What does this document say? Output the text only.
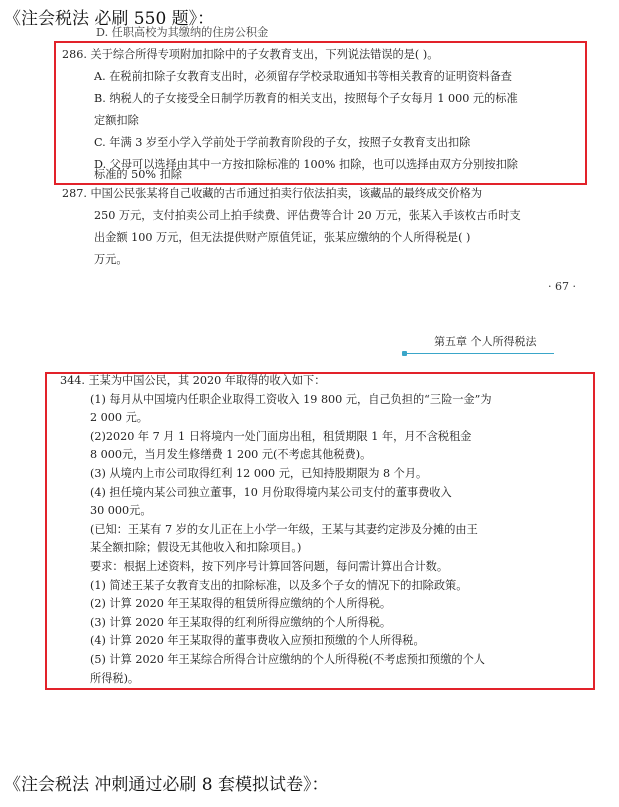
《注会税法 必刷 550 题》：
D. 任职高校为其缴纳的住房公积金
286. 关于综合所得专项附加扣除中的子女教育支出，下列说法错误的是( )。
A. 在税前扣除子女教育支出时，必须留存学校录取通知书等相关教育的证明资料备查
B. 纳税人的子女接受全日制学历教育的相关支出，按照每个子女每月 1 000 元的标准
定额扣除
C. 年满 3 岁至小学入学前处于学前教育阶段的子女，按照子女教育支出扣除
D. 父母可以选择由其中一方按扣除标准的 100% 扣除，也可以选择由双方分别按扣除
标准的 50% 扣除
287. 中国公民张某将自己收藏的古币通过拍卖行依法拍卖，该藏品的最终成交价格为
250 万元，支付拍卖公司上拍手续费、评估费等合计 20 万元，张某入手该枚古币时支
出金额 100 万元，但无法提供财产原值凭证，张某应缴纳的个人所得税是( )
万元。
· 67 ·
第五章 个人所得税法
344. 王某为中国公民，其 2020 年取得的收入如下：
(1) 每月从中国境内任职企业取得工资收入 19 800 元，自己负担的“三险一金”为
2 000 元。
(2)2020 年 7 月 1 日将境内一处门面房出租，租赁期限 1 年，月不含税租金
8 000元，当月发生修缮费 1 200 元(不考虑其他税费)。
(3) 从境内上市公司取得红利 12 000 元，已知持股期限为 8 个月。
(4) 担任境内某公司独立董事，10 月份取得境内某公司支付的董事费收入
30 000元。
(已知：王某有 7 岁的女儿正在上小学一年级，王某与其妻约定涉及分摊的由王
某全额扣除；假设无其他收入和扣除项目。)
要求：根据上述资料，按下列序号计算回答问题，每问需计算出合计数。
(1) 简述王某子女教育支出的扣除标准，以及多个子女的情况下的扣除政策。
(2) 计算 2020 年王某取得的租赁所得应缴纳的个人所得税。
(3) 计算 2020 年王某取得的红利所得应缴纳的个人所得税。
(4) 计算 2020 年王某取得的董事费收入应预扣预缴的个人所得税。
(5) 计算 2020 年王某综合所得合计应缴纳的个人所得税(不考虑预扣预缴的个人
所得税)。
《注会税法 冲刺通过必刷 8 套模拟试卷》：
